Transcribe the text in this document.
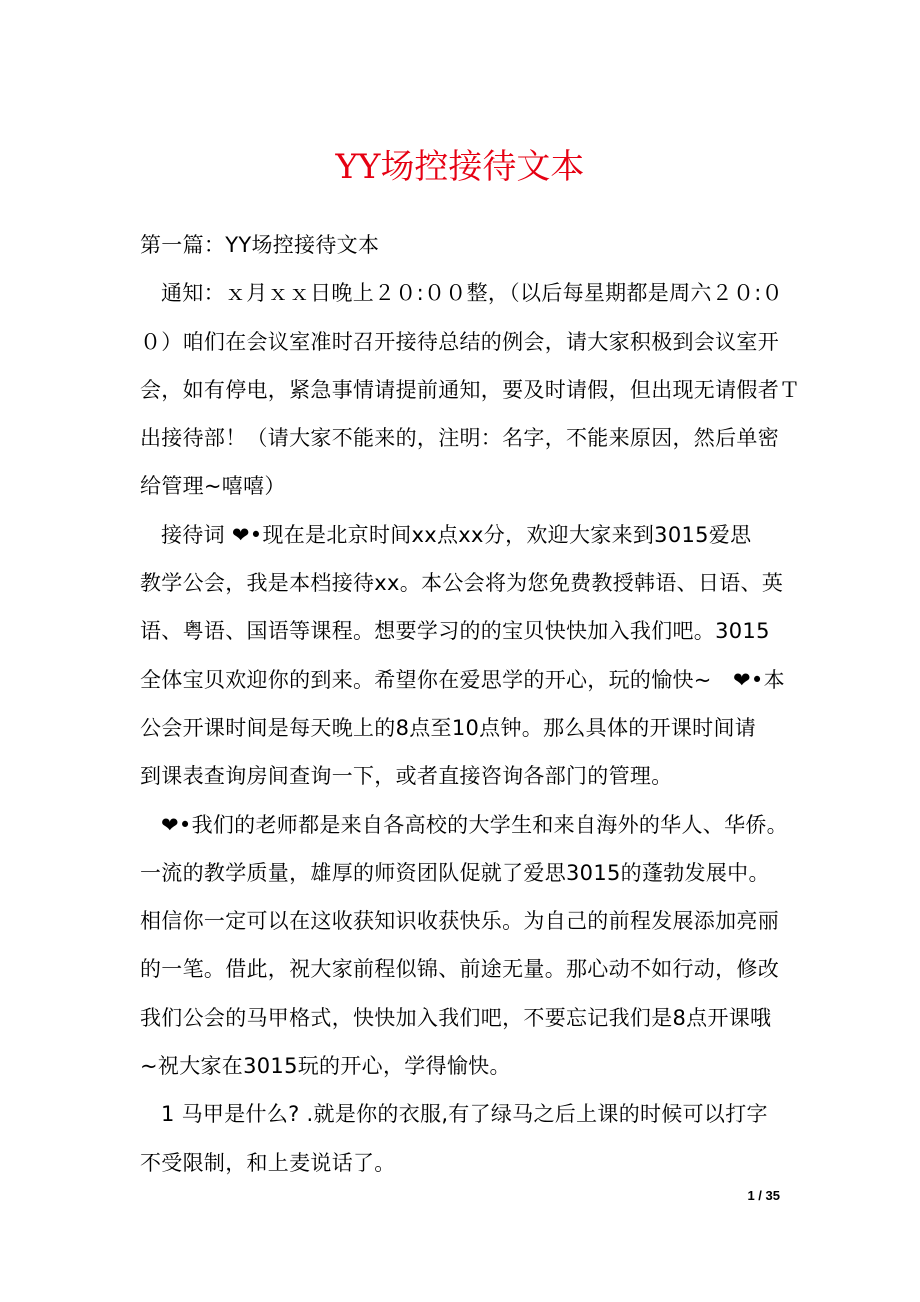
YY场控接待文本
第一篇：YY场控接待文本
通知：ｘ月ｘｘ日晚上２０:００整，（以后每星期都是周六２０:０
０）咱们在会议室准时召开接待总结的例会，请大家积极到会议室开
会，如有停电，紧急事情请提前通知，要及时请假，但出现无请假者Ｔ
出接待部！（请大家不能来的，注明：名字，不能来原因，然后单密
给管理~嘻嘻）
接待词 ❤•现在是北京时间xx点xx分，欢迎大家来到3015爱思
教学公会，我是本档接待xx。本公会将为您免费教授韩语、日语、英
语、粤语、国语等课程。想要学习的的宝贝快快加入我们吧。3015
全体宝贝欢迎你的到来。希望你在爱思学的开心，玩的愉快~　❤•本
公会开课时间是每天晚上的8点至10点钟。那么具体的开课时间请
到课表查询房间查询一下，或者直接咨询各部门的管理。
❤•我们的老师都是来自各高校的大学生和来自海外的华人、华侨。
一流的教学质量，雄厚的师资团队促就了爱思3015的蓬勃发展中。
相信你一定可以在这收获知识收获快乐。为自己的前程发展添加亮丽
的一笔。借此，祝大家前程似锦、前途无量。那心动不如行动，修改
我们公会的马甲格式，快快加入我们吧，不要忘记我们是8点开课哦
~祝大家在3015玩的开心，学得愉快。
1 马甲是什么? .就是你的衣服,有了绿马之后上课的时候可以打字
不受限制，和上麦说话了。
1 / 35
